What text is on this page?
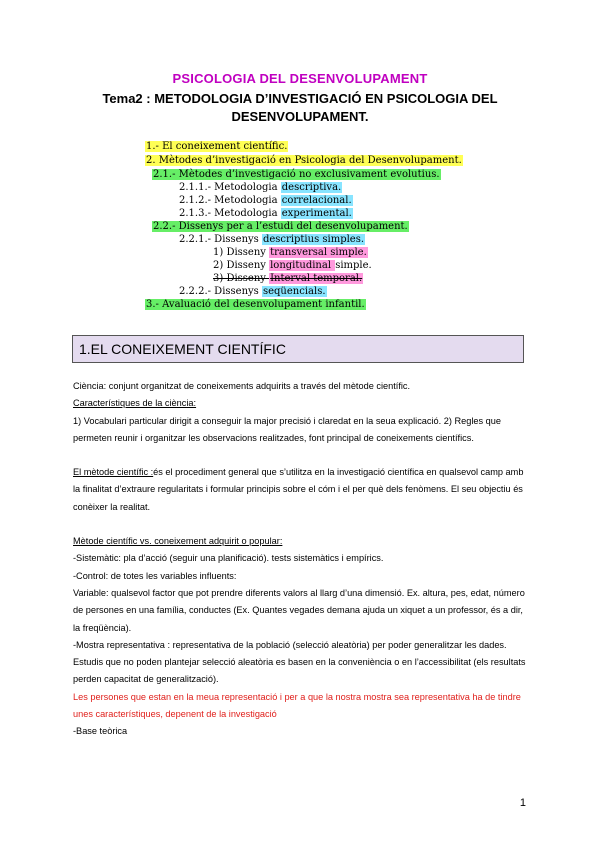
PSICOLOGIA DEL DESENVOLUPAMENT
Tema2 : METODOLOGIA D’INVESTIGACIÓ EN PSICOLOGIA DEL
DESENVOLUPAMENT.
1.- El coneixement científic.
2. Mètodes d’investigació en Psicologia del Desenvolupament.
2.1.- Mètodes d’investigació no exclusivament evolutius.
2.1.1.- Metodologia descriptiva.
2.1.2.- Metodologia correlacional.
2.1.3.- Metodologia experimental.
2.2.- Dissenys per a l’estudi del desenvolupament.
2.2.1.- Dissenys descriptius simples.
1) Disseny transversal simple.
2) Disseny longitudinal simple.
3) Disseny Interval temporal.
2.2.2.- Dissenys seqüencials.
3.- Avaluació del desenvolupament infantil.
1.EL CONEIXEMENT CIENTÍFIC

Ciència: conjunt organitzat de coneixements adquirits a través del mètode científic.

Característiques de la ciència:

1) Vocabulari particular dirigit a conseguir la major precisió i claredat en la seua explicació. 2) Regles que permeten reunir i organitzar les observacions realitzades, font principal de coneixements científics.

El mètode científic :és el procediment general que s’utilitza en la investigació científica en qualsevol camp amb la finalitat d’extraure regularitats i formular principis sobre el cóm i el per què dels fenòmens. El seu objectiu és conèixer la realitat.

Mètode científic vs. coneixement adquirit o popular:

-Sistemàtic: pla d’acció (seguir una planificació). tests sistemàtics i empírics.

-Control: de totes les variables influents:

Variable: qualsevol factor que pot prendre diferents valors al llarg d’una dimensió. Ex. altura, pes, edat, número de persones en una família, conductes (Ex. Quantes vegades demana ajuda un xiquet a un professor, és a dir, la freqüència).

-Mostra representativa : representativa de la població (selecció aleatòria) per poder generalitzar les dades. Estudis que no poden plantejar selecció aleatòria es basen en la conveniència o en l’accessibilitat (els resultats perden capacitat de generalització).

Les persones que estan en la meua representació i per a que la nostra mostra sea representativa ha de tindre unes característiques, depenent de la investigació

-Base teòrica

1
